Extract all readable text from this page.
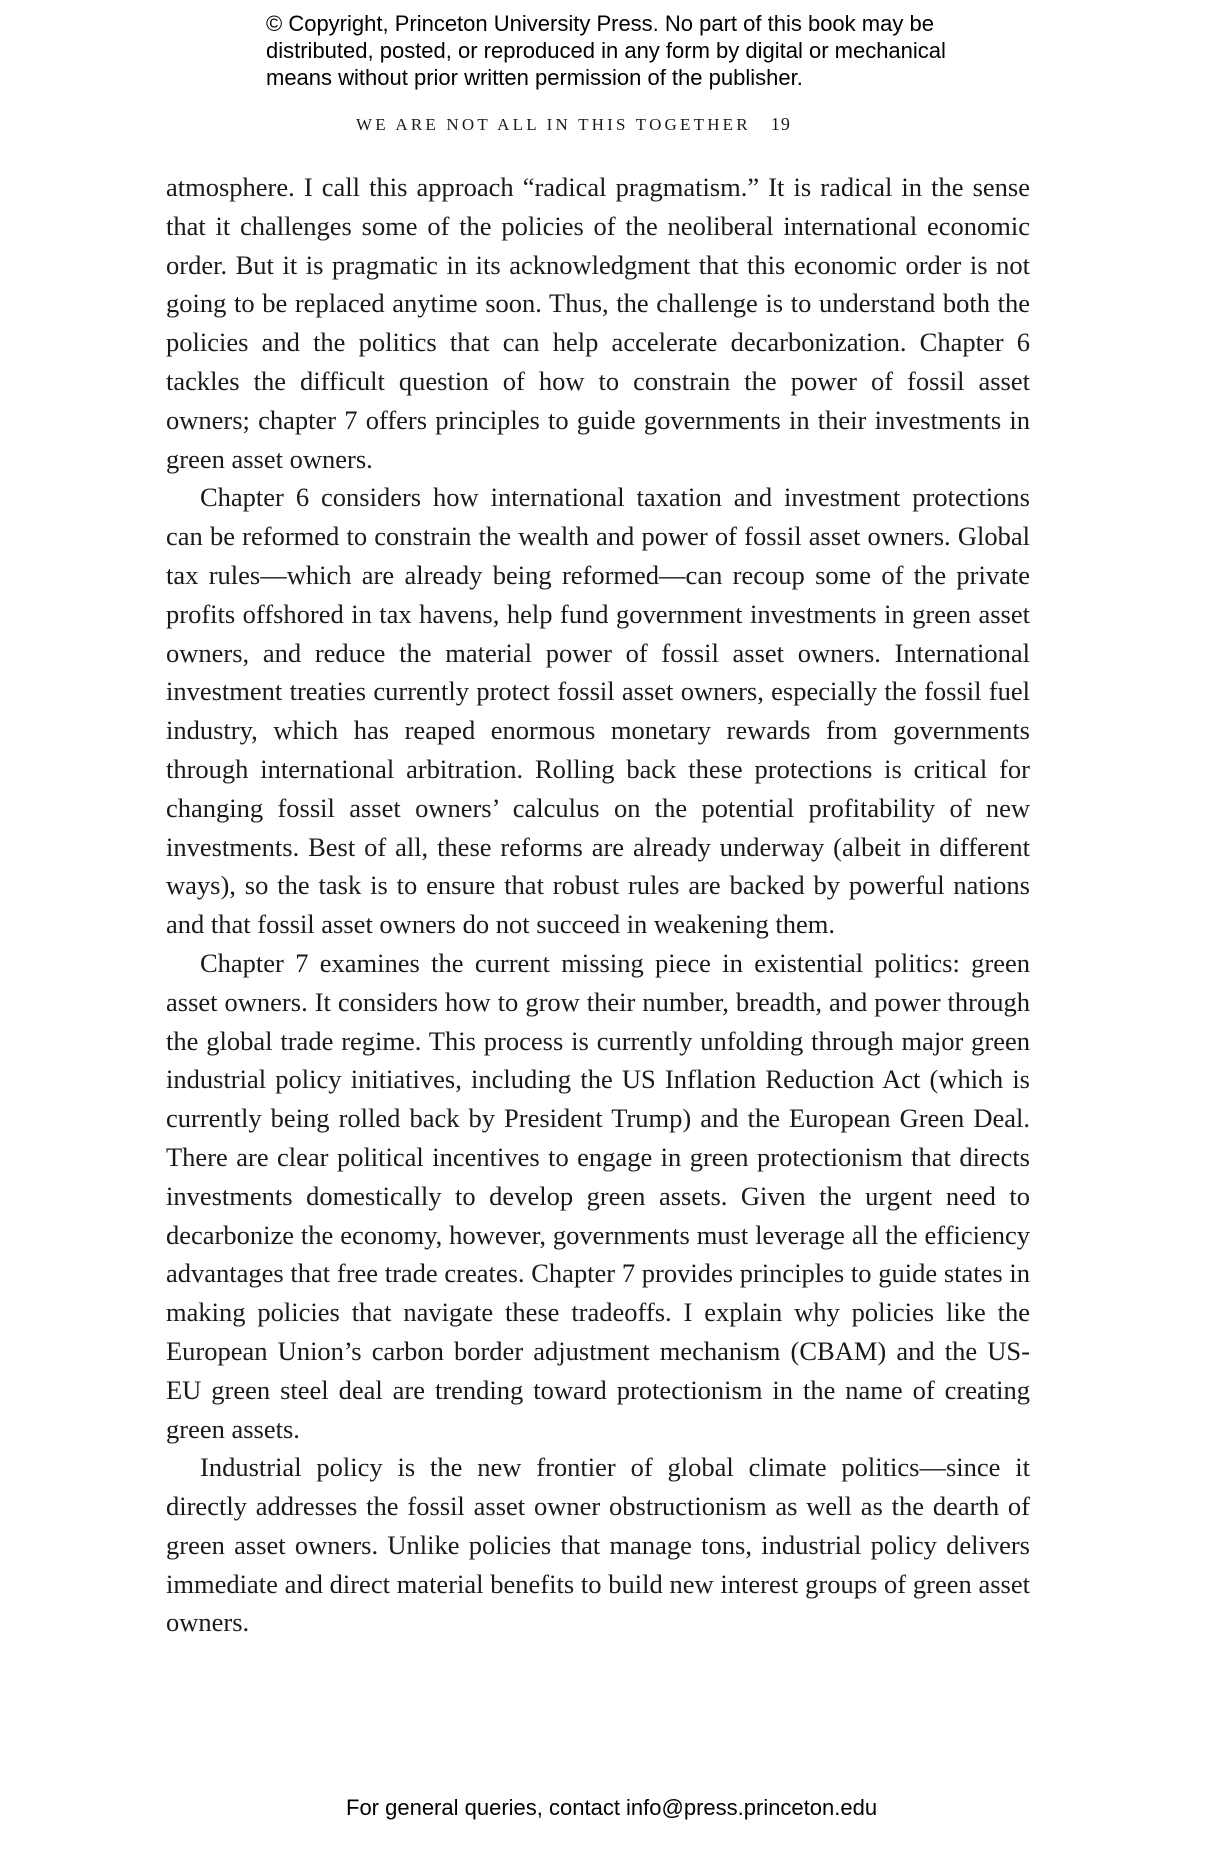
© Copyright, Princeton University Press. No part of this book may be
distributed, posted, or reproduced in any form by digital or mechanical
means without prior written permission of the publisher.
WE ARE NOT ALL IN THIS TOGETHER 19

atmosphere. I call this approach “radical pragmatism.” It is radical in the sense that it challenges some of the policies of the neoliberal international economic order. But it is pragmatic in its acknowledgment that this economic order is not going to be replaced anytime soon. Thus, the challenge is to understand both the policies and the politics that can help accelerate decarbonization. Chapter 6 tackles the difficult question of how to constrain the power of fossil asset owners; chapter 7 offers principles to guide governments in their investments in green asset owners.

Chapter 6 considers how international taxation and investment protections can be reformed to constrain the wealth and power of fossil asset owners. Global tax rules—which are already being reformed—can recoup some of the private profits offshored in tax havens, help fund government investments in green asset owners, and reduce the material power of fossil asset owners. International investment treaties currently protect fossil asset owners, especially the fossil fuel industry, which has reaped enormous monetary rewards from governments through international arbitration. Rolling back these protections is critical for changing fossil asset owners’ calculus on the potential profitability of new investments. Best of all, these reforms are already underway (albeit in different ways), so the task is to ensure that robust rules are backed by powerful nations and that fossil asset owners do not succeed in weakening them.

Chapter 7 examines the current missing piece in existential politics: green asset owners. It considers how to grow their number, breadth, and power through the global trade regime. This process is currently unfolding through major green industrial policy initiatives, including the US Inflation Reduction Act (which is currently being rolled back by President Trump) and the European Green Deal. There are clear political incentives to engage in green protectionism that directs investments domestically to develop green assets. Given the urgent need to decarbonize the economy, however, governments must leverage all the efficiency advantages that free trade creates. Chapter 7 provides principles to guide states in making policies that navigate these tradeoffs. I explain why policies like the European Union’s carbon border adjustment mechanism (CBAM) and the US-EU green steel deal are trending toward protectionism in the name of creating green assets.

Industrial policy is the new frontier of global climate politics—since it directly addresses the fossil asset owner obstructionism as well as the dearth of green asset owners. Unlike policies that manage tons, industrial policy delivers immediate and direct material benefits to build new interest groups of green asset owners.

For general queries, contact info@press.princeton.edu
